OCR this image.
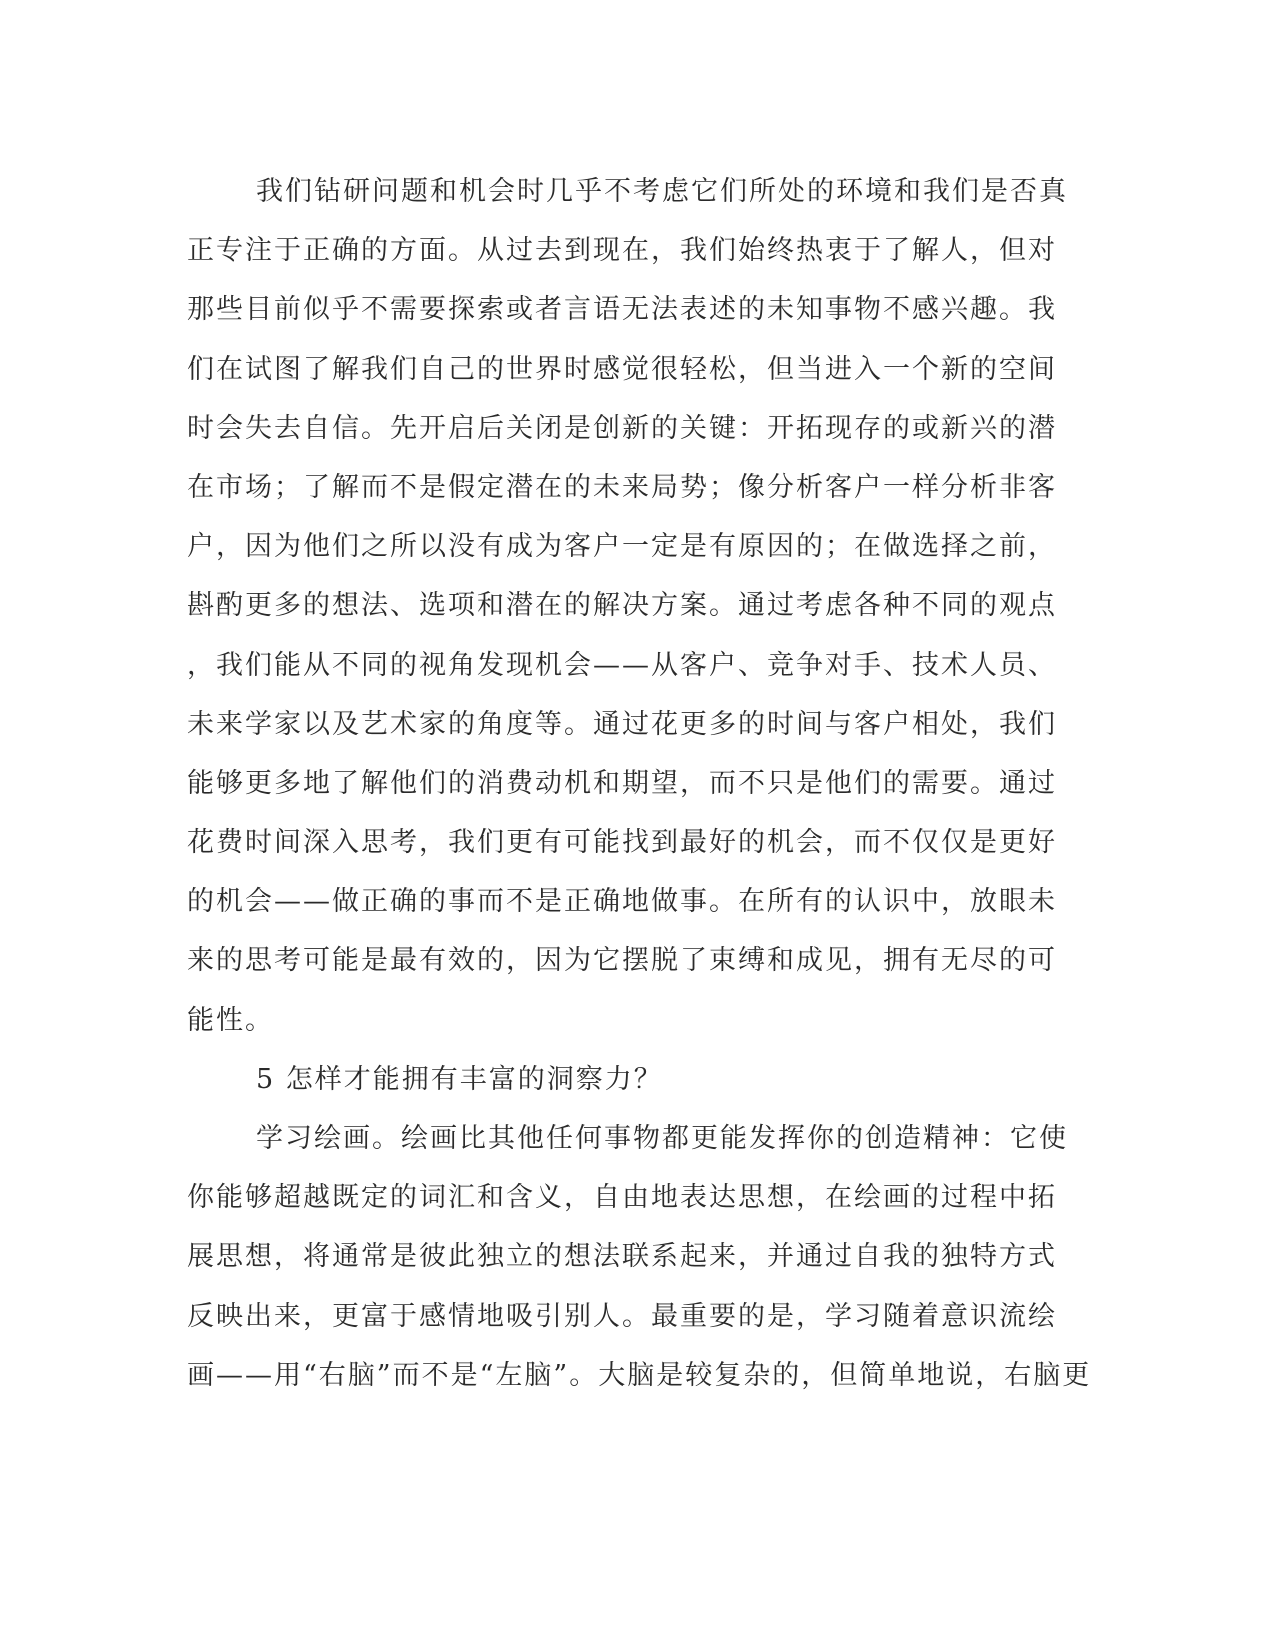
我们钻研问题和机会时几乎不考虑它们所处的环境和我们是否真
正专注于正确的方面。从过去到现在，我们始终热衷于了解人，但对
那些目前似乎不需要探索或者言语无法表述的未知事物不感兴趣。我
们在试图了解我们自己的世界时感觉很轻松，但当进入一个新的空间
时会失去自信。先开启后关闭是创新的关键：开拓现存的或新兴的潜
在市场；了解而不是假定潜在的未来局势；像分析客户一样分析非客
户，因为他们之所以没有成为客户一定是有原因的；在做选择之前，
斟酌更多的想法、选项和潜在的解决方案。通过考虑各种不同的观点
，我们能从不同的视角发现机会——从客户、竞争对手、技术人员、
未来学家以及艺术家的角度等。通过花更多的时间与客户相处，我们
能够更多地了解他们的消费动机和期望，而不只是他们的需要。通过
花费时间深入思考，我们更有可能找到最好的机会，而不仅仅是更好
的机会——做正确的事而不是正确地做事。在所有的认识中，放眼未
来的思考可能是最有效的，因为它摆脱了束缚和成见，拥有无尽的可
能性。
5 怎样才能拥有丰富的洞察力？
学习绘画。绘画比其他任何事物都更能发挥你的创造精神：它使
你能够超越既定的词汇和含义，自由地表达思想，在绘画的过程中拓
展思想，将通常是彼此独立的想法联系起来，并通过自我的独特方式
反映出来，更富于感情地吸引别人。最重要的是，学习随着意识流绘
画——用“右脑”而不是“左脑”。大脑是较复杂的，但简单地说，右脑更
